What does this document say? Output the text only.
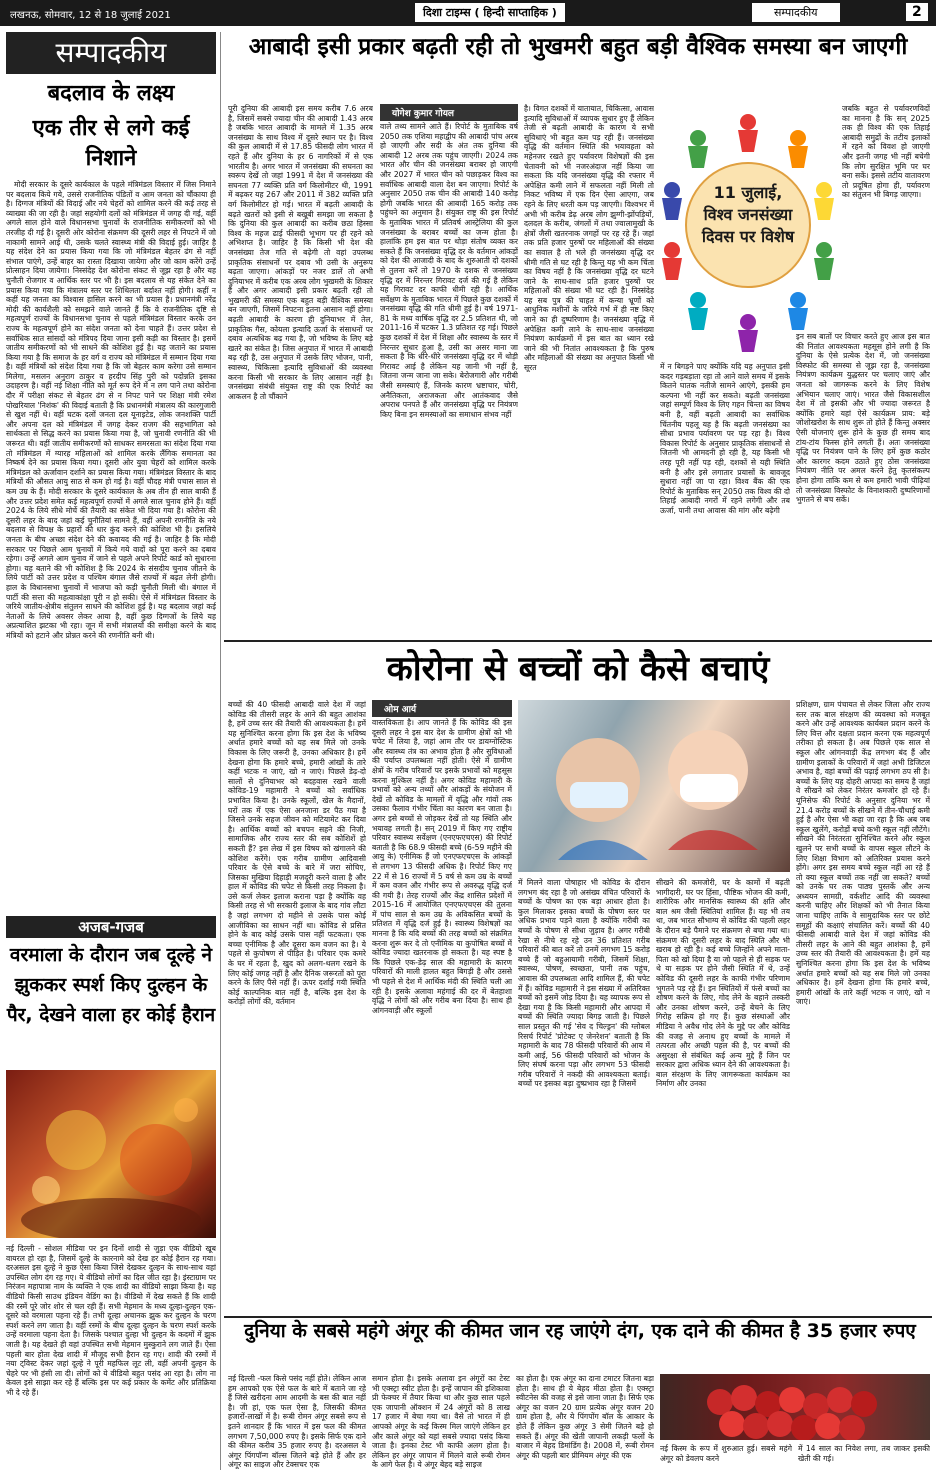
लखनऊ, सोमवार, 12 से 18 जुलाई 2021	दिशा टाइम्स ( हिन्दी साप्ताहिक )	सम्पादकीय	2
सम्पादकीय
बदलाव के लक्ष्य
एक तीर से लगे कई निशाने

मोदी सरकार के दूसरे कार्यकाल के पहले मंत्रिमंडल विस्तार में जिस निमाने पर बदलाव किये गये, उससे राजनीतिक पंडितों व आम जनता को चौंकाया ही है। दिग्गज मंत्रियों की विदाई और नये चेहरों को शामिल करने की कई तरह से व्याख्या की जा रही है। जहां सहयोगी दलों को मंत्रिमंडल में जगह दी गई, वहीं अगले साल होने वाले विधानसभा चुनावों के राजनीतिक समीकरणों को भी तरजीह दी गई है। दूसरी ओर कोरोना संक्रमण की दूसरी लहर से निपटने में जो नाकामी सामने आई थी, उसके चलते स्वास्थ्य मंत्री की विदाई हुई। जाहिर है यह संदेश देने का प्रयास किया गया कि जो मंत्रिमंडल बेहतर ढंग से नहीं संभाल पाएंगे, उन्हें बाहर का रास्ता दिखाया जायेगा और जो काम करेंगे उन्हें प्रोत्साहन दिया जायेगा। निस्संदेह देश कोरोना संकट से जूझ रहा है और यह चुनौती रोजगार व आर्थिक स्तर पर भी है। इस बदलाव से यह संकेत देने का प्रयास किया गया कि मंत्रालय स्तर पर शिथिलता बर्दाश्त नहीं होगी। कहीं न कहीं यह जनता का विश्वास हासिल करने का भी प्रयास है। प्रधानमंत्री नरेंद्र मोदी की कार्यशैली को समझने वाले जानते हैं कि वे राजनीतिक दृष्टि से महत्वपूर्ण राज्यों के विधानसभा चुनाव से पहले मंत्रिमंडल विस्तार करके उन राज्य के महत्वपूर्ण होने का संदेश जनता को देना चाहते हैं। उत्तर प्रदेश से सर्वाधिक सात सांसदों को मंत्रिपद दिया जाना इसी कड़ी का विस्तार है। इसमें जातीय समीकरणों को भी साधने की कोशिश हुई है। यह जताने का प्रयास किया गया है कि समाज के हर वर्ग व राज्य को मंत्रिमंडल में सम्मान दिया गया है। वहीं मंत्रियों को संदेश दिया गया है कि जो बेहतर काम करेगा उसे सम्मान मिलेगा, मसलन अनुराग ठाकुर व हरदीप सिंह पुरी को पदोन्नति इसका उदाहरण है। वहीं नई शिक्षा नीति को मूर्त रूप देने में न लग पाने तथा कोरोना दौर में परीक्षा संकट से बेहतर ढंग से न निपट पाने पर शिक्षा मंत्री रमेश पोखरियाल 'निशंक' की विदाई बताती है कि प्रधानमंत्री मंत्रालय की कारगुजारी से खुश नहीं थे। वहीं घटक दलों जनता दल यूनाइटेड, लोक जनशक्ति पार्टी और अपना दल को मंत्रिमंडल में जगह देकर राजग की सहभागिता को सार्थकता से सिद्ध करने का प्रयास किया गया है, जो चुनावी रणनीति की भी जरूरत थी। वहीं जातीय समीकरणों को साधकर समरसता का संदेश दिया गया तो मंत्रिमंडल में ग्यारह महिलाओं को शामिल करके लैंगिक समानता का निष्कर्ष देने का प्रयास किया गया। दूसरी ओर युवा चेहरों को शामिल करके मंत्रिमंडल को ऊर्जावान दर्शाने का प्रयास किया गया। मंत्रिमंडल विस्तार के बाद मंत्रियों की औसत आयु साठ से कम हो गई है। वहीं चौदह मंत्री पचास साल से कम उम्र के हैं। मोदी सरकार के दूसरे कार्यकाल के अब तीन ही साल बाकी हैं और उत्तर प्रदेश समेत कई महत्वपूर्ण राज्यों में अगले साल चुनाव होने हैं। वहीं 2024 के लिये सीधे मोर्चे की तैयारी का संकेत भी दिया गया है। कोरोना की दूसरी लहर के बाद जहां कई चुनौतियां सामने हैं, वहीं अपनी रणनीति के नये बदलाव से विपक्ष के प्रहारों की धार कुंद करने की कोशिश भी है। इसलिये जनता के बीच अच्छा संदेश देने की कवायद की गई है। जाहिर है कि मोदी सरकार पर पिछले आम चुनावों में किये गये वादों को पूरा करने का दबाव रहेगा। उन्हें अगले आम चुनाव में जाने से पहले अपने रिपोर्ट कार्ड को सुधारना होगा। यह बताने की भी कोशिश है कि 2024 के संसदीय चुनाव जीतने के लिये पार्टी को उत्तर प्रदेश व पश्चिम बंगाल जैसे राज्यों में बढ़त लेनी होगी। हाल के विधानसभा चुनावों में भाजपा को कड़ी चुनौती मिली थी। बंगाल में पार्टी की सत्ता की महत्वाकांक्षा पूरी न हो सकी। ऐसे में मंत्रिमंडल विस्तार के जरिये जातीय-क्षेत्रीय संतुलन साधने की कोशिश हुई है। यह बदलाव जहां कई नेताओं के लिये अवसर लेकर आया है, वहीं कुछ दिग्गजों के लिये यह अप्रत्याशित झटका भी रहा। जून में सभी मंत्रालयों की समीक्षा करने के बाद मंत्रियों को हटाने और प्रोन्नत करने की रणनीति बनी थी।

अजब-गजब
वरमाला के दौरान जब दूल्हे ने झुककर स्पर्श किए दुल्हन के पैर, देखने वाला हर कोई हैरान
नई दिल्ली - सोशल मीडिया पर इन दिनों शादी से जुड़ा एक वीडियो खूब वायरल हो रहा है, जिसमें दूल्हे के कारनामे को देख हर कोई हैरान रह गया। दरअसल इस दूल्हे ने कुछ ऐसा किया जिसे देखकर दुल्हन के साथ-साथ वहां उपस्थित लोग दंग रह गए। ये वीडियो लोगों का दिल जीत रहा है। इंस्टाग्राम पर निरंजन महापात्रा नाम के व्यक्ति ने एक शादी का वीडियो साझा किया है। यह वीडियो किसी साउथ इंडियन वेडिंग का है। वीडियो में देख सकते हैं कि शादी की रस्में पूरे जोर शोर से चल रही हैं। सभी मेहमान के मध्य दूल्हा-दुल्हन एक-दूसरे को वरमाला पहना रहे हैं। तभी दूल्हा अचानक झुक कर दुल्हन के चरण स्पर्श करने लग जाता है। वहीं रस्मों के बीच दूल्हा दुल्हन के चरण स्पर्श करके उन्हें वरमाला पहना देता है। जिसके पश्चात दुल्हा भी दुल्हन के कदमों में झुक जाती है। यह देखते ही वहां उपस्थित सभी मेहमान मुस्कुराने लग जाते हैं। ऐसा पहली बार होता देख शादी में मौजूद सभी हैरान रह गए। शादी की रस्मों में नया ट्विस्ट देकर जहां दूल्हे ने पूरी महफिल लूट ली, वहीं अपनी दुल्हन के चेहरे पर भी हंसी ला दी। लोगों को ये वीडियो बहुत पसंद आ रहा है। लोग ना केवल इसे साझा कर रहे हैं बल्कि इस पर कई प्रकार के कमेंट और प्रतिक्रिया भी दे रहे हैं।
आबादी इसी प्रकार बढ़ती रही तो भुखमरी बहुत बड़ी वैश्विक समस्या बन जाएगी
पूरी दुनिया की आबादी इस समय करीब 7.6 अरब है, जिसमें सबसे ज्यादा चीन की आबादी 1.43 अरब है जबकि भारत आबादी के मामले में 1.35 अरब जनसंख्या के साथ विश्व में दूसरे स्थान पर है। विश्व की कुल आबादी में से 17.85 फीसदी लोग भारत में रहते हैं और दुनिया के हर 6 नागरिकों में से एक भारतीय है। अगर भारत में जनसंख्या की सघनता का स्वरूप देखें तो जहां 1991 में देश में जनसंख्या की सघनता 77 व्यक्ति प्रति वर्ग किलोमीटर थी, 1991 में बढ़कर यह 267 और 2011 में 382 व्यक्ति प्रति वर्ग किलोमीटर हो गई। भारत में बढ़ती आबादी के बढ़ते खतरों को इसी से बखूबी समझा जा सकता है कि दुनिया की कुल आबादी का करीब छठा हिस्सा विश्व के महज ढाई फीसदी भूभाग पर ही रहने को अभिशप्त है। जाहिर है कि किसी भी देश की जनसंख्या तेज गति से बढ़ेगी तो वहां उपलब्ध प्राकृतिक संसाधनों पर दबाव भी उसी के अनुरूप बढ़ता जाएगा। आंकड़ों पर नजर डालें तो अभी दुनियाभर में करीब एक अरब लोग भुखमरी के शिकार हैं और अगर आबादी इसी प्रकार बढ़ती रही तो भुखमरी की समस्या एक बहुत बड़ी वैश्विक समस्या बन जाएगी, जिसमें निपटना इतना आसान नहीं होगा। बढ़ती आबादी के कारण ही दुनियाभर में तेल, प्राकृतिक गैस, कोयला इत्यादि ऊर्जा के संसाधनों पर दबाव अत्यधिक बढ़ गया है, जो भविष्य के लिए बड़े खतरे का संकेत है। जिस अनुपात में भारत में आबादी बढ़ रही है, उस अनुपात में उसके लिए भोजन, पानी, स्वास्थ्य, चिकित्सा इत्यादि सुविधाओं की व्यवस्था करना किसी भी सरकार के लिए आसान नहीं है। जनसंख्या संबंधी संयुक्त राष्ट्र की एक रिपोर्ट का आकलन है तो चौंकाने
योगेश कुमार गोयल
वाले तथ्य सामने आते हैं। रिपोर्ट के मुताबिक वर्ष 2050 तक एशिया महाद्वीप की आबादी पांच अरब हो जाएगी और सदी के अंत तक दुनिया की आबादी 12 अरब तक पहुंच जाएगी। 2024 तक भारत और चीन की जनसंख्या बराबर हो जाएगी और 2027 में भारत चीन को पछाड़कर विश्व का सर्वाधिक आबादी वाला देश बन जाएगा। रिपोर्ट के अनुसार 2050 तक चीन की आबादी 140 करोड़ होगी जबकि भारत की आबादी 165 करोड़ तक पहुंचने का अनुमान है। संयुक्त राष्ट्र की इस रिपोर्ट के मुताबिक भारत में प्रतिवर्ष आस्ट्रेलिया की कुल जनसंख्या के बराबर बच्चों का जन्म होता है। हालांकि हम इस बात पर थोड़ा संतोष व्यक्त कर सकते हैं कि जनसंख्या वृद्धि दर के वर्तमान आंकड़ों को देश की आजादी के बाद के शुरुआती दो दशकों से तुलना करें तो 1970 के दशक से जनसंख्या वृद्धि दर में निरन्तर गिरावट दर्ज की गई है लेकिन यह गिरावट दर काफी धीमी रही है। आर्थिक सर्वेक्षण के मुताबिक भारत में पिछले कुछ दशकों में जनसंख्या वृद्धि की गति धीमी हुई है। वर्ष 1971-81 के मध्य वार्षिक वृद्धि दर 2.5 प्रतिशत थी, जो 2011-16 में घटकर 1.3 प्रतिशत रह गई। पिछले कुछ दशकों में देश में शिक्षा और स्वास्थ्य के स्तर में निरन्तर सुधार हुआ है, उसी का असर माना जा सकता है कि धीरे-धीरे जनसंख्या वृद्धि दर में थोड़ी गिरावट आई है लेकिन यह जानी भी नहीं है, जितना जन्म जाना जा सके। बेरोजगारी और गरीबी जैसी समस्याएं हैं, जिनके कारण भ्रष्टाचार, चोरी, अनैतिकता, अराजकता और आतंकवाद जैसे अपराध पनपते हैं और जनसंख्या वृद्धि पर नियंत्रण किए बिना इन समस्याओं का समाधान संभव नहीं
है। विगत दशकों में यातायात, चिकित्सा, आवास इत्यादि सुविधाओं में व्यापक सुधार हुए हैं लेकिन तेजी से बढ़ती आबादी के कारण ये सभी सुविधाएं भी बहुत कम पड़ रही हैं। जनसंख्या वृद्धि की वर्तमान स्थिति की भयावहता को महेनजर रखते हुए पर्यावरण विशेषज्ञों की इस चेतावनी को भी नजरअंदाज नहीं किया जा सकता कि यदि जनसंख्या वृद्धि की रफ्तार में अपेक्षित कमी लाने में सफलता नहीं मिली तो निकट भविष्य में एक दिन ऐसा आएगा, जब रहने के लिए धरती कम पड़ जाएगी। विश्वभर में अभी भी करीब डेढ़ अरब लोग झुग्गी-झोंपड़ियों, दलदल के करीब, जंगलों में तथा ज्वालामुखी के क्षेत्रों जैसी खतरनाक जगहों पर रह रहे हैं। जहां तक प्रति हजार पुरुषों पर महिलाओं की संख्या का सवाल है तो भले ही जनसंख्या वृद्धि दर धीमी गति से घट रही है किन्तु यह भी कम चिंता का विषय नहीं है कि जनसंख्या वृद्धि दर घटने जाने के साथ-साथ प्रति हजार पुरुषों पर महिलाओं की संख्या भी घट रही है। निस्संदेह यह सब पुत्र की चाहत में कन्या भ्रूणों को आधुनिक मशीनों के जरिये गर्भ में ही नष्ट किए जाने का ही दुष्परिणाम है। जनसंख्या वृद्धि में अपेक्षित कमी लाने के साथ-साथ जनसंख्या नियंत्रण कार्यक्रमों में इस बात का ध्यान रखे जाने की भी नितांत आवश्यकता है कि पुरुष और महिलाओं की संख्या का अनुपात किसी भी सूरत	में न बिगड़ने पाए क्योंकि यदि यह अनुपात इसी कदर गड़बड़ाता रहा तो आने वाले समय में इसके कितने घातक नतीजे सामने आएंगे, इसकी हम कल्पना भी नहीं कर सकते। बढ़ती जनसंख्या जहां सम्पूर्ण विश्व के लिए गहन चिन्ता का विषय बनी है, वहीं बढ़ती आबादी का सर्वाधिक चिंतनीय पहलू यह है कि बढ़ती जनसंख्या का सीधा प्रभाव पर्यावरण पर पड़ रहा है। विश्व विकास रिपोर्ट के अनुसार प्राकृतिक संसाधनों से जितनी भी आमदनी हो रही है, यह किसी भी तरह पूरी नहीं पड़ रही, दशकों से यही स्थिति बनी है और इसे लगातार प्रयासों के बावजूद सुधारा नहीं जा पा रहा। विश्व बैंक की एक रिपोर्ट के मुताबिक सन् 2050 तक विश्व की दो तिहाई आबादी नगरों में रहने लगेगी और तब ऊर्जा, पानी तथा आवास की मांग और बढ़ेगी
जबकि बहुत से पर्यावरणविदों का मानना है कि सन् 2025 तक ही विश्व की एक तिहाई आबादी समुद्रों के तटीय इलाकों में रहने को विवश हो जाएगी और इतनी जगह भी नहीं बचेगी कि लोग सुरक्षित भूमि पर घर बना सकें। इससे तटीय वातावरण तो प्रदूषित होगा ही, पर्यावरण का संतुलन भी बिगड़ जाएगा।
इन सब बातों पर विचार करते हुए आज इस बात की नितांत आवश्यकता महसूस होने लगी है कि दुनिया के ऐसे प्रत्येक देश में, जो जनसंख्या विस्फोट की समस्या से जूझ रहा है, जनसंख्या नियंत्रण कार्यक्रम युद्धस्तर पर चलाए जाएं और जनता को जागरूक करने के लिए विशेष अभियान चलाए जाएं। भारत जैसे विकासशील देश में तो इसकी और भी ज्यादा जरूरत है क्योंकि हमारे यहां ऐसे कार्यक्रम प्राय: बड़े जोशोखरोश के साथ शुरू तो होते हैं किन्तु अक्सर ऐसी योजनाएं शुरू होने के कुछ ही समय बाद टांय-टांय फिस्स होने लगती हैं। अतः जनसंख्या वृद्धि पर नियंत्रण पाने के लिए हमें कुछ कठोर और कारगर कदम उठाते हुए ठोस जनसंख्या नियंत्रण नीति पर अमल करने हेतु कृतसंकल्प होना होगा ताकि कम से कम हमारी भावी पीढ़ियां तो जनसंख्या विस्फोट के विनाशकारी दुष्परिणामों भुगतने से बच सकें।
11 जुलाई, विश्व जनसंख्या दिवस पर विशेष
कोरोना से बच्चों को कैसे बचाएं
बच्चों की 40 फीसदी आबादी वाले देश में जहां कोविड की तीसरी लहर के आने की बहुत आशंका है, हमें उच्च स्तर की तैयारी की आवश्यकता है। हमें यह सुनिश्चित करना होगा कि इस देश के भविष्य अर्थात हमारे बच्चों को यह सब मिले जो उनके विकास के लिए जरूरी है, उनका अधिकार है। हमें देखना होगा कि हमारे बच्चे, हमारी आंखों के तारे कहीं भटक न जाएं, खो न जाएं। पिछले डेढ़-दो सालों से दुनियाभर को बदहवास रखने वाली कोविड-19 महामारी ने बच्चों को सर्वाधिक प्रभावित किया है। उनके स्कूलों, खेल के मैदानों, घरों तक में एक ऐसा अनजाना डर पैठ गया है जिसने उनके सहज जीवन को मटियामेट कर दिया है। आर्थिक बच्चों को बचपन सहने की निजी, सामाजिक और राज्य स्तर की सब कोशिशें हो सकती हैं? इस लेख में इस विषय को खंगालने की कोशिश करेंगे। एक गरीब ग्रामीण आदिवासी परिवार के ऐसे बच्चे के बारे में जरा सोचिए, जिसका मुखिया दिहाड़ी मजदूरी करने वाला है और हाल में कोविड की चपेट से किसी तरह निकला है। उसे कर्ज लेकर इलाज कराना पड़ा है क्योंकि वह किसी तरह से भी सरकारी इलाज के बाद गांव लौटा है जहां लगभग दो महीने से उसके पास कोई आजीविका का साधन नहीं था। कोविड से प्रसित होने के बाद कोई उसके पास नहीं फटकता। एक बच्चा एनीमिक है और दूसरा कम वजन का है। ये पहले से कुपोषण से पीड़ित है। परिवार एक कमरे के घर में रहता है, खुद को अलग-थलग रखने के लिए कोई जगह नहीं है और दैनिक जरूरतों को पूरा करने के लिए पैसे नहीं हैं। ऊपर दर्शाई गयी स्थिति कोई काल्पनिक बात नहीं है, बल्कि इस देश के करोड़ों लोगों की, वर्तमान
ओम आर्य
वास्तविकता है। आप जानते हैं कि कोविड की इस दूसरी लहर ने इस बार देश के ग्रामीण क्षेत्रों को भी चपेट में लिया है, जहां आम तौर पर डायग्नोस्टिक और स्वास्थ्य तंत्र का अभाव होता है और सुविधाओं की पर्याप्त उपलब्धता नहीं होती। ऐसे में ग्रामीण क्षेत्रों के गरीब परिवारों पर इसके प्रभावों को महसूस करना मुश्किल नहीं है। अगर कोविड महामारी के प्रभावों को अन्य तथ्यों और आंकड़ों के संयोजन में देखें तो कोविड के मामलों में वृद्धि और गांवों तक उसका फैलाव गंभीर चिंता का कारण बन जाता है। अगर इसे बच्चों से जोड़कर देखें तो यह स्थिति और भयावह लगती है। सन् 2019 में किए गए राष्ट्रीय परिवार स्वास्थ्य सर्वेक्षण (एनएफएचएस) की रिपोर्ट बताती है कि 68.9 फीसदी बच्चे (6-59 महीने की आयु के) एनीमिक हैं जो एनएफएचएस के आंकड़ों से लगभग 13 फीसदी अधिक है। रिपोर्ट किए गए 22 में से 16 राज्यों में 5 वर्ष से कम उम्र के बच्चों में कम वजन और गंभीर रूप से अवरुद्ध वृद्धि दर्ज की गयी है। तेरह राज्यों और केंद्र शासित प्रदेशों में 2015-16 में आयोजित एनएफएचएस की तुलना में पांच साल से कम उम्र के अविकसित बच्चों के प्रतिशत में वृद्धि दर्ज हुई है। स्वास्थ्य विशेषज्ञों का मानना है कि यदि बच्चों की तरह बच्चों को संक्रमित करना शुरू कर दे तो एनीमिक या कुपोषित बच्चों में कोविड ज्यादा खतरनाक हो सकता है। यह स्पष्ट है कि पिछले एक-डेढ़ साल की महामारी के कारण परिवारों की माली हालत बहुत बिगड़ी है और उससे भी पहले से देश में आर्थिक मंदी की स्थिति चली आ रही है। इसके अलावा महंगाई की दर में बेतहाशा वृद्धि ने लोगों को और गरीब बना दिया है। साथ ही आंगनवाड़ी और स्कूलों
में मिलने वाला पोषाहार भी कोविड के दौरान लगभग बंद रहा है जो असंख्य वंचित परिवारों के बच्चों के पोषण का एक बड़ा आधार होता है। कुल मिलाकर इसका बच्चों के पोषण स्तर पर अधिक प्रभाव पड़ने वाला है क्योंकि गरीबी का बच्चों के पोषण से सीधा जुड़ाव है। अगर गरीबी रेखा से नीचे रह रहे उन 36 प्रतिशत गरीब परिवारों की बात करें तो उनमें लगभग 15 करोड़ बच्चे हैं जो बहुआयामी गरीबी, जिसमें शिक्षा, स्वास्थ्य, पोषण, स्वच्छता, पानी तक पहुंच, आवास की उपलब्धता आदि शामिल हैं, की चपेट में हैं। कोविड महामारी ने इस संख्या में अतिरिक्त बच्चों को इसमें जोड़ दिया है। यह व्यापक रूप से देखा गया है कि किसी महामारी और आपदा में बच्चों की स्थिति ज्यादा बिगड़ जाती है। पिछले साल प्रस्तुत की गई 'सेव द चिल्ड्रन' की ग्लोबल रिसर्च रिपोर्ट 'प्रोटेक्ट ए जेनरेशन' बताती है कि महामारी के बाद 78 फीसदी परिवारों की आय में कमी आई, 56 फीसदी परिवारों को भोजन के लिए संघर्ष करना पड़ा और लगभग 53 फीसदी गरीब परिवारों ने नकदी की आवश्यकता बताई। बच्चों पर इसका बड़ा दुष्प्रभाव रहा है जिसमें
सीखने की कमजोरी, घर के कामों में बढ़ती भागीदारी, घर पर हिंसा, पौष्टिक भोजन की कमी, शारीरिक और मानसिक स्वास्थ्य की क्षति और बाल श्रम जैसी स्थितियां शामिल हैं। यह भी तय था, जब भारत सौभाग्य से कोविड की पहली लहर के दौरान बड़े पैमाने पर संक्रमण से बचा गया था। संक्रमण की दूसरी लहर के बाद स्थिति और भी खराब हो रही है। कई बच्चे जिन्होंने अपने माता-पिता को खो दिया है या जो पहले से ही सड़क पर थे या सड़क पर होने जैसी स्थिति में थे, उन्हें कोविड की दूसरी लहर के काफी गंभीर परिणाम भुगतने पड़ रहे हैं। इन स्थितियों में फंसे बच्चों का शोषण करने के लिए, गोद लेने के बहाने तस्करी और उनका शोषण करने, उन्हें बेचने के लिए गिरोह सक्रिय हो गए हैं। कुछ संस्थाओं और मीडिया ने अवैध गोद लेने के मुद्दे पर और कोविड की वजह से अनाथ हुए बच्चों के मामले में तत्परता और अच्छी पहल की है, पर बच्चों की असुरक्षा से संबंधित कई अन्य मुद्दे हैं जिन पर सरकार द्वारा अधिक ध्यान देने की आवश्यकता है। बाल संरक्षण के लिए जागरूकता कार्यक्रम का निर्माण और उनका
प्रशिक्षण, ग्राम पंचायत से लेकर जिला और राज्य स्तर तक बाल संरक्षण की व्यवस्था को मजबूत करने और उन्हें आवश्यक कार्यबल प्रदान करने के लिए वित्त और दक्षता प्रदान करना एक महत्वपूर्ण तरीका हो सकता है। अब पिछले एक साल से स्कूल और आंगनवाड़ी केंद्र लगभग बंद हैं और ग्रामीण इलाकों के परिवारों में जहां अभी डिजिटल अभाव है, वहां बच्चों की पढ़ाई लगभग ठप सी है। बच्चों के लिए यह दोहरी आपदा का समय है जहां वे सीखने को लेकर निरंतर कमजोर हो रहे हैं। यूनिसेफ की रिपोर्ट के अनुसार दुनिया भर में 21.4 करोड़ बच्चों के सीखने में तीन-चौथाई कमी हुई है और ऐसा भी कहा जा रहा है कि अब जब स्कूल खुलेंगे, करोड़ों बच्चे कभी स्कूल नहीं लौटेंगे। सीखने की निरंतरता सुनिश्चित करने और स्कूल खुलने पर सभी बच्चों के वापस स्कूल लौटने के लिए शिक्षा विभाग को अतिरिक्त प्रयास करने होंगे। अगर इस समय बच्चे स्कूल नहीं आ रहे हैं तो क्या स्कूल बच्चों तक नहीं जा सकते? बच्चों को उनके घर तक पाठ्य पुस्तकें और अन्य अध्ययन सामग्री, वर्कशीट आदि की व्यवस्था करनी चाहिए और शिक्षकों को भी तैनात किया जाना चाहिए ताकि वे सामुदायिक स्तर पर छोटे समूहों की कक्षाएं संचालित करें। बच्चों की 40 फीसदी आबादी वाले देश में जहां कोविड की तीसरी लहर के आने की बहुत आशंका है, हमें उच्च स्तर की तैयारी की आवश्यकता है। हमें यह सुनिश्चित करना होगा कि इस देश के भविष्य अर्थात हमारे बच्चों को यह सब मिले जो उनका अधिकार है। हमें देखना होगा कि हमारे बच्चे, हमारी आंखों के तारे कहीं भटक न जाएं, खो न जाएं।
दुनिया के सबसे महंगे अंगूर की कीमत जान रह जाएंगे दंग, एक दाने की कीमत है 35 हजार रुपए
नई दिल्ली -फल किसे पसंद नहीं होते। लेकिन आज हम आपको एक ऐसे फल के बारे में बताने जा रहे हैं जिसे खरीदना आम आदमी के बस की बात नहीं है। जी हां, एक फल ऐसा है, जिसकी कीमत हजारों-लाखों में है। रूबी रोमन अंगूर सबसे रूप से इतने शानदार हैं कि भारत में इस फल की कीमत लगभग 7,50,000 रुपए है। इसके सिर्फ एक दाने की कीमत करीब 35 हजार रुपए है। दरअसल ये अंगूर पिंगपॉन्ग बॉल्स जितने बड़े होते हैं और हर अंगूर का साइज और टेक्सचर एक
समान होता है। इसके अलावा इन अंगूरों का टेस्ट भी एक्स्ट्रा स्वीट होता है। इन्हें जापान की इशिकावा प्री फेक्चर में तैयार किया था और कुछ साल पहले एक जापानी ऑक्शन में 24 अंगूरों को 8 लाख 17 हजार में बेचा गया था। वैसे तो भारत में ही आपको अंगूर के कई किस्म मिल जाएंगे लेकिन हर और काले अंगूर को यहां सबसे ज्यादा पसंद किया जाता है। इनका टेस्ट भी काफी अलग होता है। लेकिन हर अंगूर जापान में मिलने वाले रूबी रोमन के आगे फेल है। ये अंगूर बेहद बड़े साइज
का होता है। एक अंगूर का दाना टमाटर जितना बड़ा होता है। साथ ही ये बेहद मीठा होता है। एक्स्ट्रा स्वीटनेस की वजह से इसे जाना जाता है। सिर्फ एक अंगूर का वजन 20 ग्राम प्रत्येक अंगूर वजन 20 ग्राम होता है, और ये पिंगपोंग बॉल के आकार के होते हैं लेकिन कुछ अंगूर 3 सेमी जितने बड़े हो सकते हैं। अंगूर की खेती जापानी लकड़ी फलों के बाजार में बेहद डिमांडिंग है। 2008 में, रूबी रोमन अंगूर की पहली बार प्रीमियम अंगूर की एक
नई किस्म के रूप में शुरुआत हुई। सबसे महंगे अंगूर को डेवलप करने
में 14 साल का निवेश लगा, तब जाकर इसकी खेती की गई।
